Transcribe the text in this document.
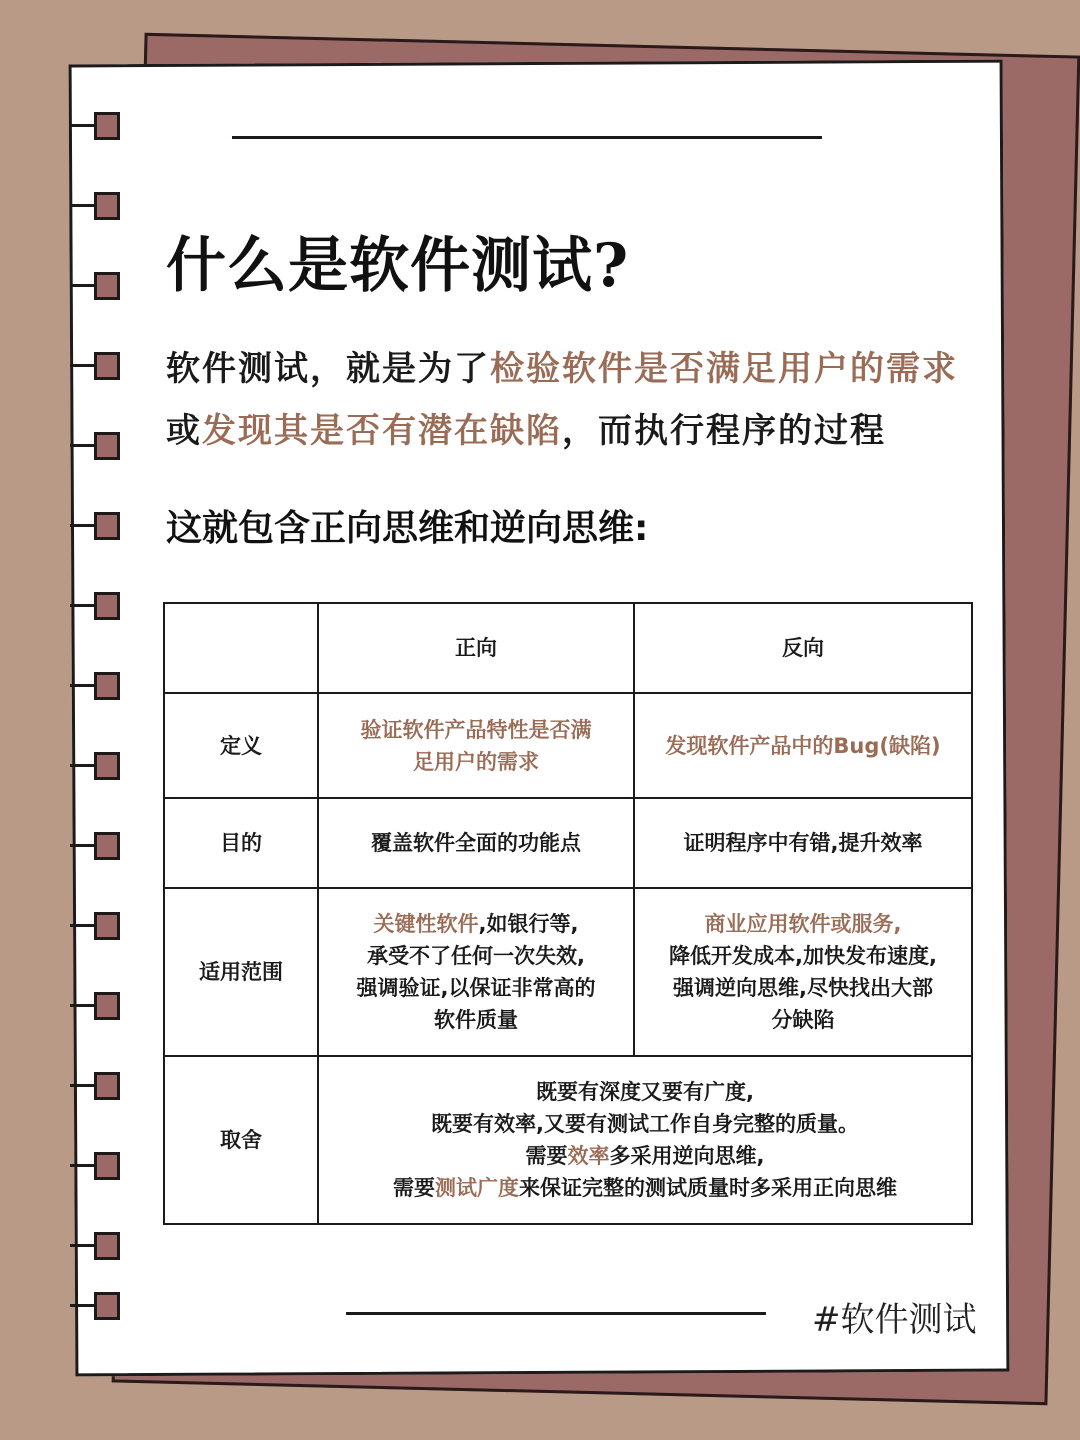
什么是软件测试?
软件测试，就是为了检验软件是否满足用户的需求或发现其是否有潜在缺陷，而执行程序的过程
这就包含正向思维和逆向思维:
	正向	反向
定义	验证软件产品特性是否满
足用户的需求	发现软件产品中的Bug(缺陷)

目的	覆盖软件全面的功能点	证明程序中有错,提升效率

适用范围	关键性软件,如银行等,
承受不了任何一次失效,
强调验证,以保证非常高的
软件质量	商业应用软件或服务,
降低开发成本,加快发布速度,
强调逆向思维,尽快找出大部
分缺陷

取舍	既要有深度又要有广度,
既要有效率,又要有测试工作自身完整的质量。
需要效率多采用逆向思维,
需要测试广度来保证完整的测试质量时多采用正向思维	
#软件测试
